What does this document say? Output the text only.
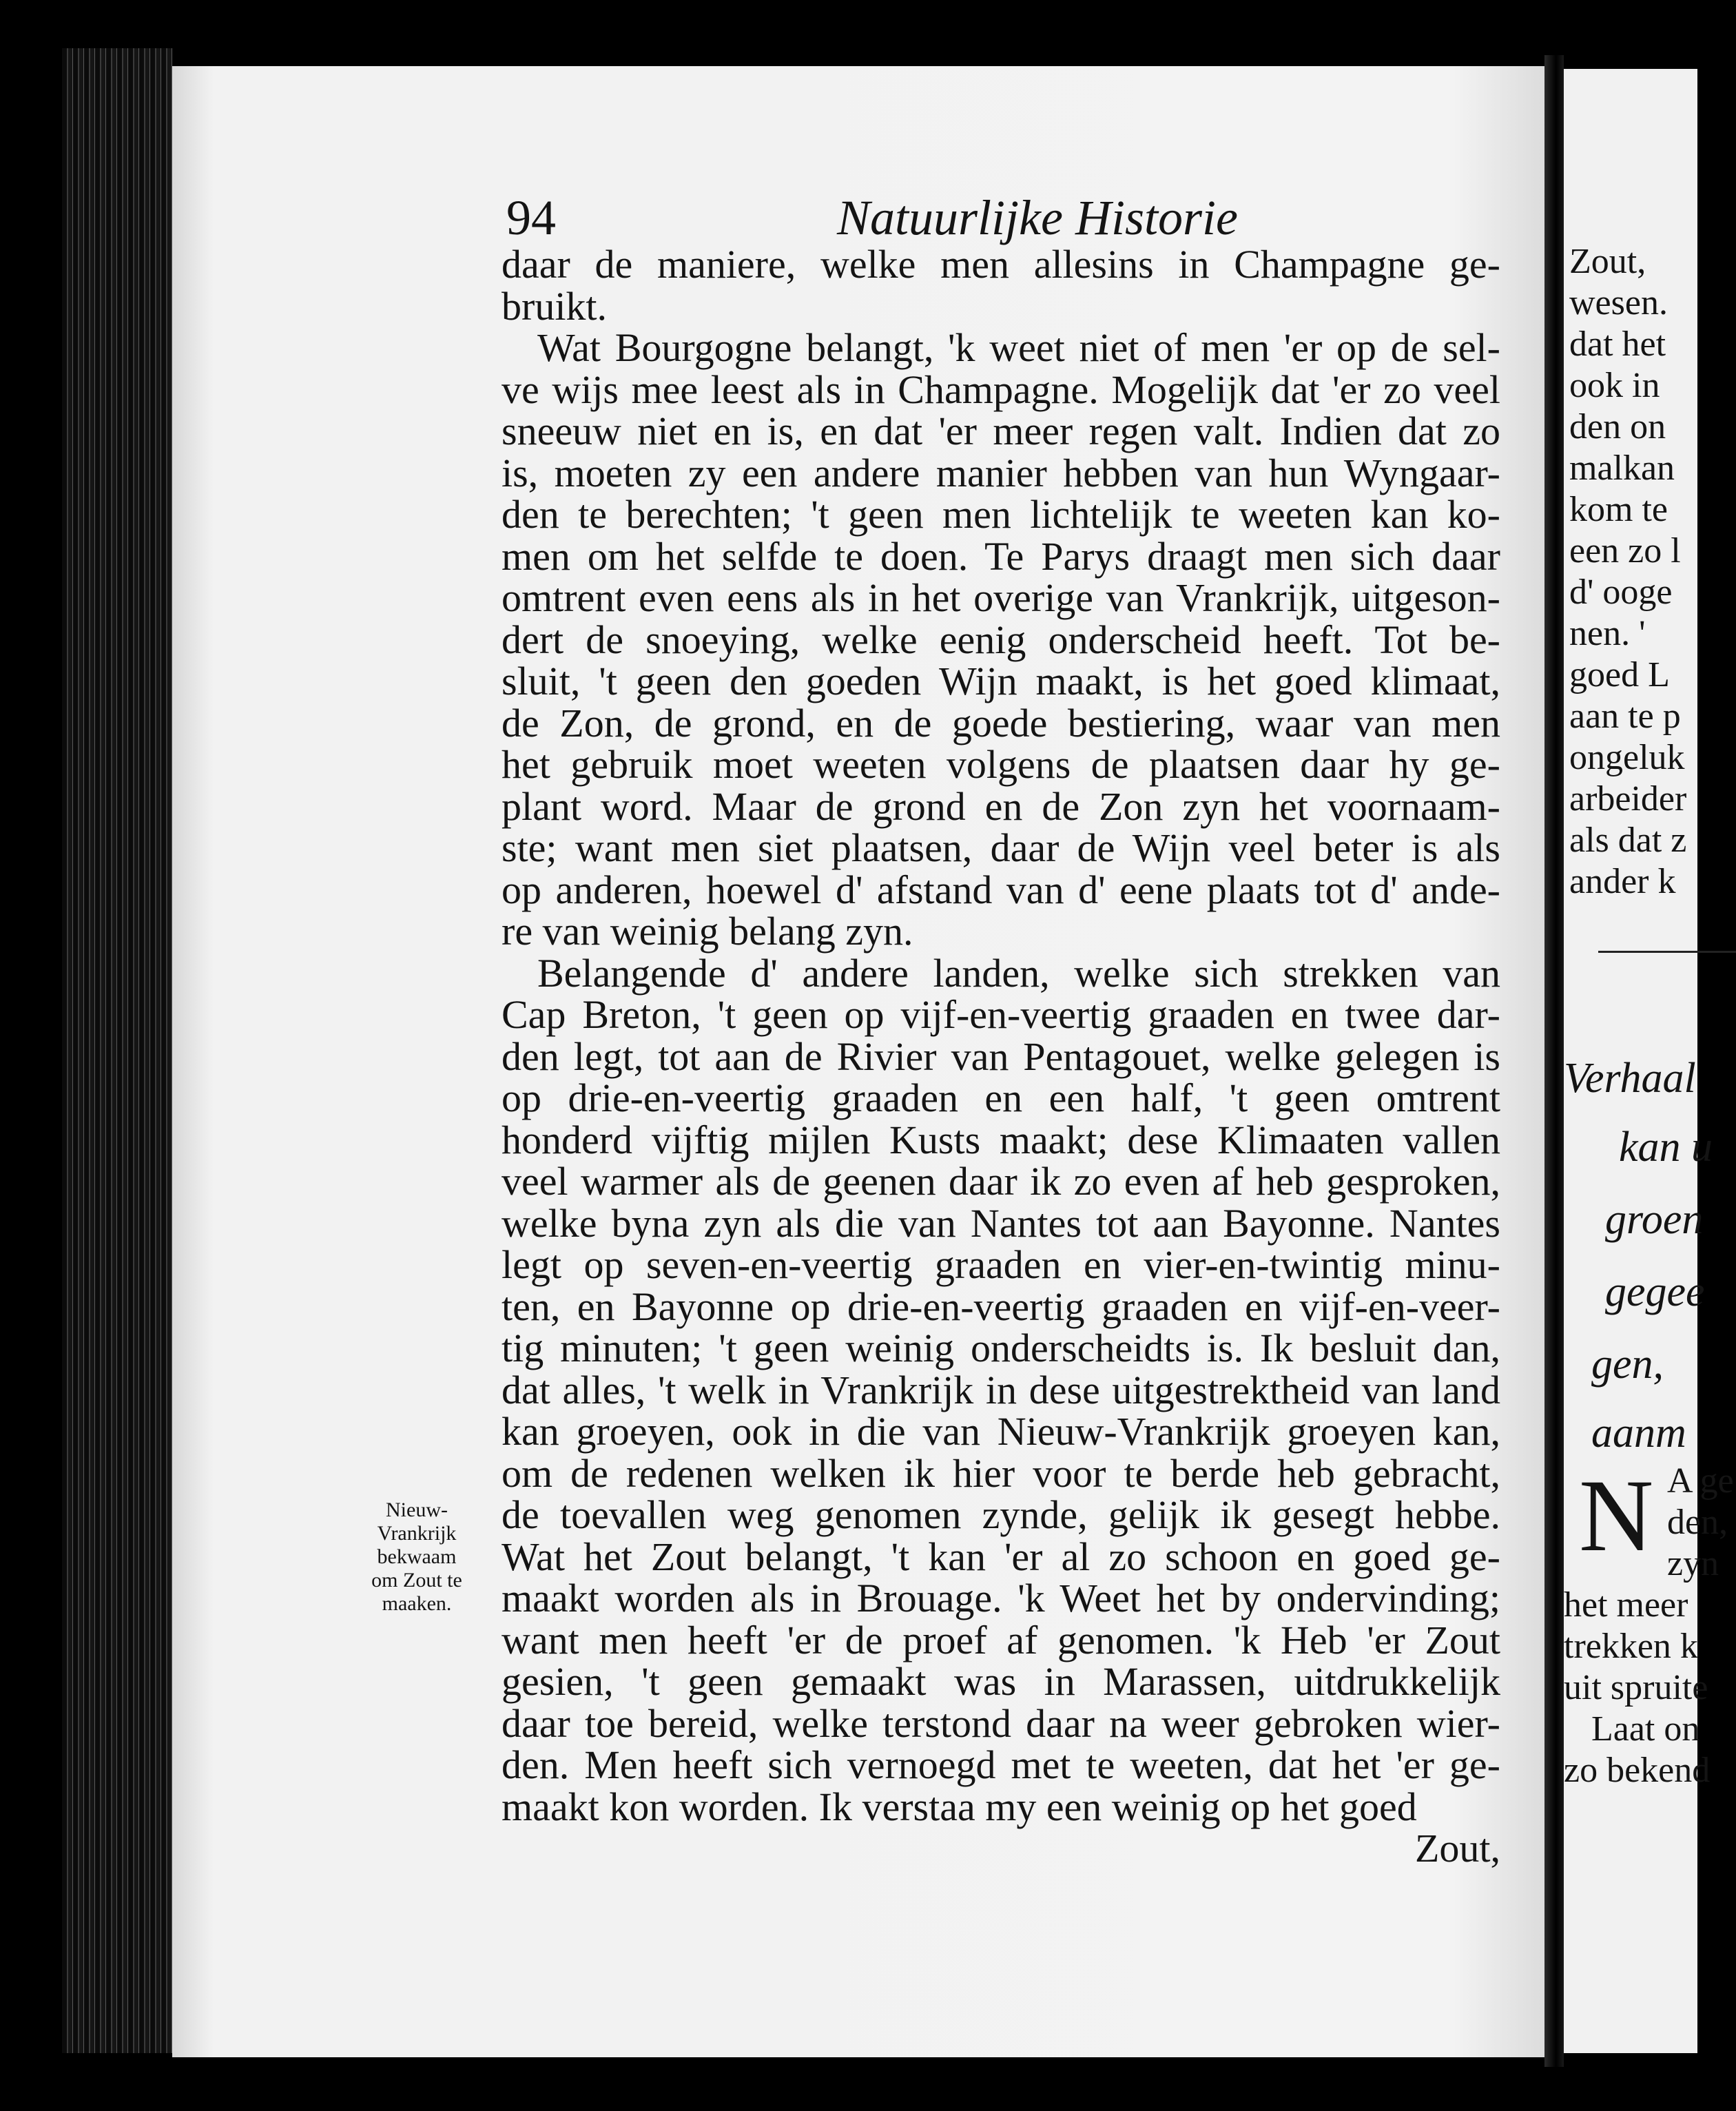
94	Natuurlijke Historie
daar de maniere, welke men allesins in Champagne ge-
bruikt.
Wat Bourgogne belangt, 'k weet niet of men 'er op de sel-
ve wijs mee leest als in Champagne. Mogelijk dat 'er zo veel
sneeuw niet en is, en dat 'er meer regen valt. Indien dat zo
is, moeten zy een andere manier hebben van hun Wyngaar-
den te berechten; 't geen men lichtelijk te weeten kan ko-
men om het selfde te doen. Te Parys draagt men sich daar
omtrent even eens als in het overige van Vrankrijk, uitgeson-
dert de snoeying, welke eenig onderscheid heeft. Tot be-
sluit, 't geen den goeden Wijn maakt, is het goed klimaat,
de Zon, de grond, en de goede bestiering, waar van men
het gebruik moet weeten volgens de plaatsen daar hy ge-
plant word. Maar de grond en de Zon zyn het voornaam-
ste; want men siet plaatsen, daar de Wijn veel beter is als
op anderen, hoewel d' afstand van d' eene plaats tot d' ande-
re van weinig belang zyn.
Belangende d' andere landen, welke sich strekken van
Cap Breton, 't geen op vijf-en-veertig graaden en twee dar-
den legt, tot aan de Rivier van Pentagouet, welke gelegen is
op drie-en-veertig graaden en een half, 't geen omtrent
honderd vijftig mijlen Kusts maakt; dese Klimaaten vallen
veel warmer als de geenen daar ik zo even af heb gesproken,
welke byna zyn als die van Nantes tot aan Bayonne. Nantes
legt op seven-en-veertig graaden en vier-en-twintig minu-
ten, en Bayonne op drie-en-veertig graaden en vijf-en-veer-
tig minuten; 't geen weinig onderscheidts is. Ik besluit dan,
dat alles, 't welk in Vrankrijk in dese uitgestrektheid van land
kan groeyen, ook in die van Nieuw-Vrankrijk groeyen kan,
om de redenen welken ik hier voor te berde heb gebracht,
de toevallen weg genomen zynde, gelijk ik gesegt hebbe.
Wat het Zout belangt, 't kan 'er al zo schoon en goed ge-
maakt worden als in Brouage. 'k Weet het by ondervinding;
want men heeft 'er de proef af genomen. 'k Heb 'er Zout
gesien, 't geen gemaakt was in Marassen, uitdrukkelijk
daar toe bereid, welke terstond daar na weer gebroken wier-
den. Men heeft sich vernoegd met te weeten, dat het 'er ge-
maakt kon worden. Ik verstaa my een weinig op het goed
Zout,
Nieuw-
Vrankrijk
bekwaam
om Zout te
maaken.
Zout,
wesen.
dat het
ook in
den on
malkan
kom te
een zo l
d' ooge
nen. '
goed L
aan te p
ongeluk
arbeider
als dat z
ander k
Verhaal
kan u
groen
gegee
gen,
aanm
A ge
den,
zyn
het meer
trekken k
uit spruite
Laat on
zo bekend
N
